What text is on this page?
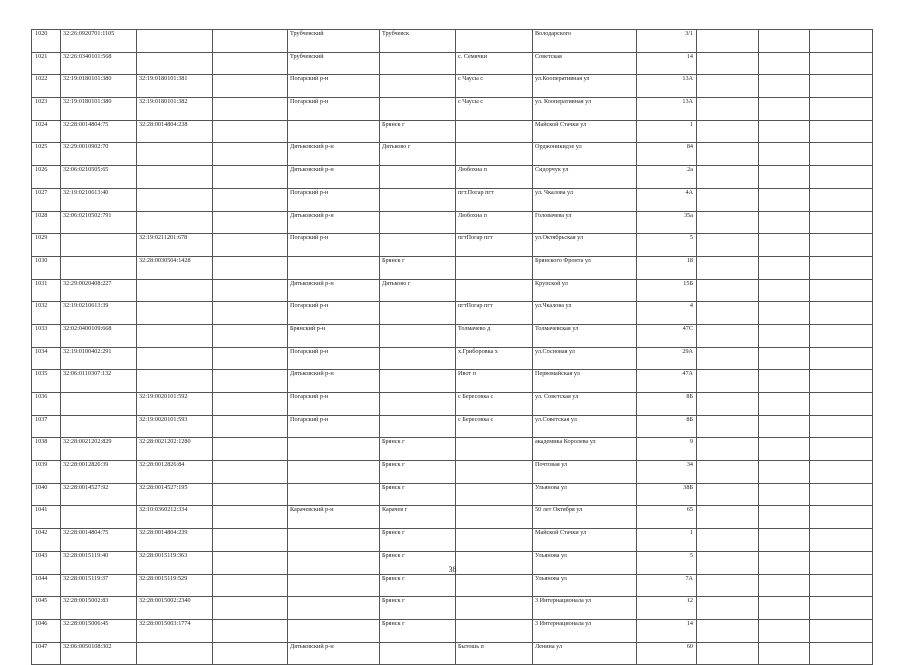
1020	32:26:0920701:1105			Трубчевский	Трубчевск		Володарского	3/1			
1021	32:26:0340101:568			Трубчевский		с. Семячки	Советская	14			
1022	32:19:0180101:380	32:19:0180101:381		Погарский р-н		с Чаусы с	ул.Кооперативная ул	13А			
1023	32:19:0180101:380	32:19:0180101:382		Погарский р-н		с Чаусы с	ул. Кооперативная ул	13А			
1024	32:28:0014804:75	32:28:0014804:238			Брянск г		Майской Стачки ул	1			
1025	32:29:0010902:70			Дятьковский р-н	Дятьково г		Орджоникидзе ул	84			
1026	32:06:0210505:65			Дятьковский р-н		Любохна п	Сидорчук ул	2а			
1027	32:19:0210613:40			Погарский р-н		пгт.Погар пгт	ул. Чкалова ул	4А			
1028	32:06:0210502:791			Дятьковский р-н		Любохна п	Головачева ул	35а			
1029		32:19:0211201:678		Погарский р-н		пгтПогар пгт	ул.Октябрьская ул	5			
1030		32:28:0030504:1428			Брянск г		Брянского Фронта ул	18			
1031	32:29:0020408:227			Дятьковский р-н	Дятьково г		Крупской ул	15Б			
1032	32:19:0210613:39			Погарский р-н		пгтПогар пгт	ул.Чкалова ул	4			
1033	32:02:0400109:668			Брянский р-н		Толмачево д	Толмачевская ул	47С			
1034	32:19:0100402:291			Погарский р-н		х.Гриборовка х	ул.Сосновая ул	29А			
1035	32:06:0110307:132			Дятьковский р-н		Ивот п	Первомайская ул	47А			
1036		32:19:0020101:592		Погарский р-н		с Бересовка с	ул. Советская ул	8Б			
1037		32:19:0020101:593		Погарский р-н		с Бересовка с	ул.Советская ул	8Б			
1038	32:28:0021202:829	32:28:0021202:1280			Брянск г		академика Королева ул	9			
1039	32:28:0012826:39	32:28:0012826:84			Брянск г		Почтовая ул	34			
1040	32:28:0014527:92	32:28:0014527:195			Брянск г		Ульянова ул	38Б			
1041		32:10:0360212:334		Карачевский р-н	Карачев г		50 лет Октября ул	65			
1042	32:28:0014804:75	32:28:0014804:239			Брянск г		Майской Стачки ул	1			
1043	32:28:0015119:40	32:28:0015119:363			Брянск г		Ульянова ул	5			
1044	32:28:0015119:37	32:28:0015119:529			Брянск г		Ульянова ул	7А			
1045	32:28:0015002:83	32:28:0015002:2340			Брянск г		3 Интернационала ул	12			
1046	32:28:0015006:45	32:28:0015003:1774			Брянск г		3 Интернационала ул	14			
1047	32:06:0050108:302			Дятьковский р-н		Бытошь п	Ленина ул	60			
38
